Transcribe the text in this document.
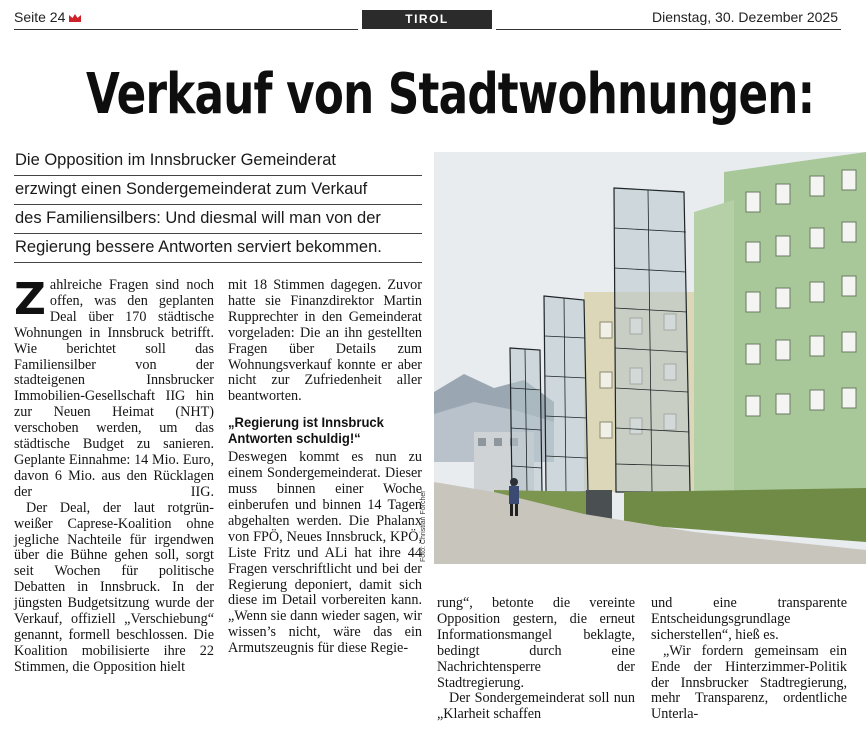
Seite 24	TIROL	Dienstag, 30. Dezember 2025
Verkauf von Stadtwohnungen:
Die Opposition im Innsbrucker Gemeinderat
erzwingt einen Sondergemeinderat zum Verkauf
des Familiensilbers: Und diesmal will man von der
Regierung bessere Antworten serviert bekommen.
Foto: Christian Forcher

Zahlreiche Fragen sind noch offen, was den geplanten Deal über 170 städtische Wohnungen in Innsbruck betrifft. Wie berichtet soll das Familiensilber von der stadteigenen Innsbrucker Immobilien-Gesellschaft IIG hin zur Neuen Heimat (NHT) verschoben werden, um das städtische Budget zu sanieren. Geplante Einnahme: 14 Mio. Euro, davon 6 Mio. aus den Rücklagen der IIG.

Der Deal, der laut rotgrün-weißer Caprese-Koalition ohne jegliche Nachteile für irgendwen über die Bühne gehen soll, sorgt seit Wochen für politische Debatten in Innsbruck. In der jüngsten Budgetsitzung wurde der Verkauf, offiziell „Verschiebung“ genannt, formell beschlossen. Die Koalition mobilisierte ihre 22 Stimmen, die Opposition hielt

mit 18 Stimmen dagegen. Zuvor hatte sie Finanzdirektor Martin Rupprechter in den Gemeinderat vorgeladen: Die an ihn gestellten Fragen über Details zum Wohnungsverkauf konnte er aber nicht zur Zufriedenheit aller beantworten.

„Regierung ist Innsbruck
Antworten schuldig!“

Deswegen kommt es nun zu einem Sondergemeinderat. Dieser muss binnen einer Woche einberufen und binnen 14 Tagen abgehalten werden. Die Phalanx von FPÖ, Neues Innsbruck, KPÖ, Liste Fritz und ALi hat ihre 44 Fragen verschriftlicht und bei der Regierung deponiert, damit sich diese im Detail vorbereiten kann. „Wenn sie dann wieder sagen, wir wissen’s nicht, wäre das ein Armutszeugnis für diese Regie-

rung“, betonte die vereinte Opposition gestern, die erneut Informationsmangel beklagte, bedingt durch eine Nachrichtensperre der Stadtregierung.

Der Sondergemeinderat soll nun „Klarheit schaffen

und eine transparente Entscheidungsgrundlage sicherstellen“, hieß es.

„Wir fordern gemeinsam ein Ende der Hinterzimmer-Politik der Innsbrucker Stadtregierung, mehr Transparenz, ordentliche Unterla-
